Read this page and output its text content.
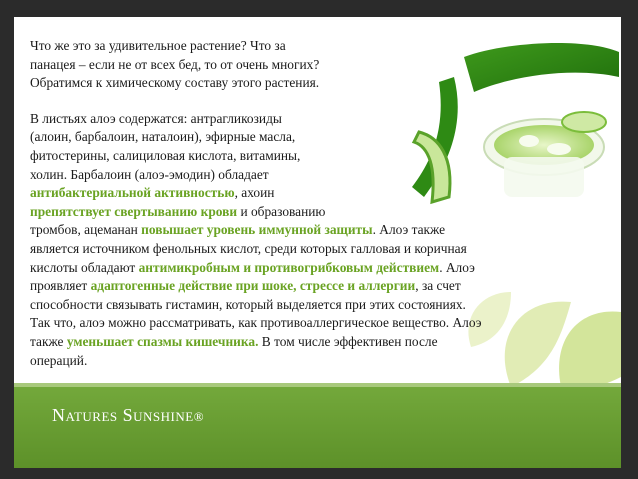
Что же это за удивительное растение? Что за

панацея – если не от всех бед, то от очень многих?

Обратимся к химическому составу этого растения.

В листьях алоэ содержатся: антрагликозиды

(алоин, барбалоин, наталоин), эфирные масла,

фитостерины, салициловая кислота, витамины,

холин. Барбалоин (алоэ-эмодин) обладает

антибактериальной активностью, ахоин

препятствует свертыванию крови и образованию

тромбов, ацеманан повышает уровень иммунной защиты. Алоэ также

является источником фенольных кислот, среди которых галловая и коричная

кислоты обладают антимикробным и противогрибковым действием. Алоэ

проявляет адаптогенные действие при шоке, стрессе и аллергии, за счет

способности связывать гистамин, который выделяется при этих состояниях.

Так что, алоэ можно рассматривать, как противоаллергическое вещество. Алоэ

также уменьшает спазмы кишечника. В том числе эффективен после

операций.

NATURES SUNSHINE®
